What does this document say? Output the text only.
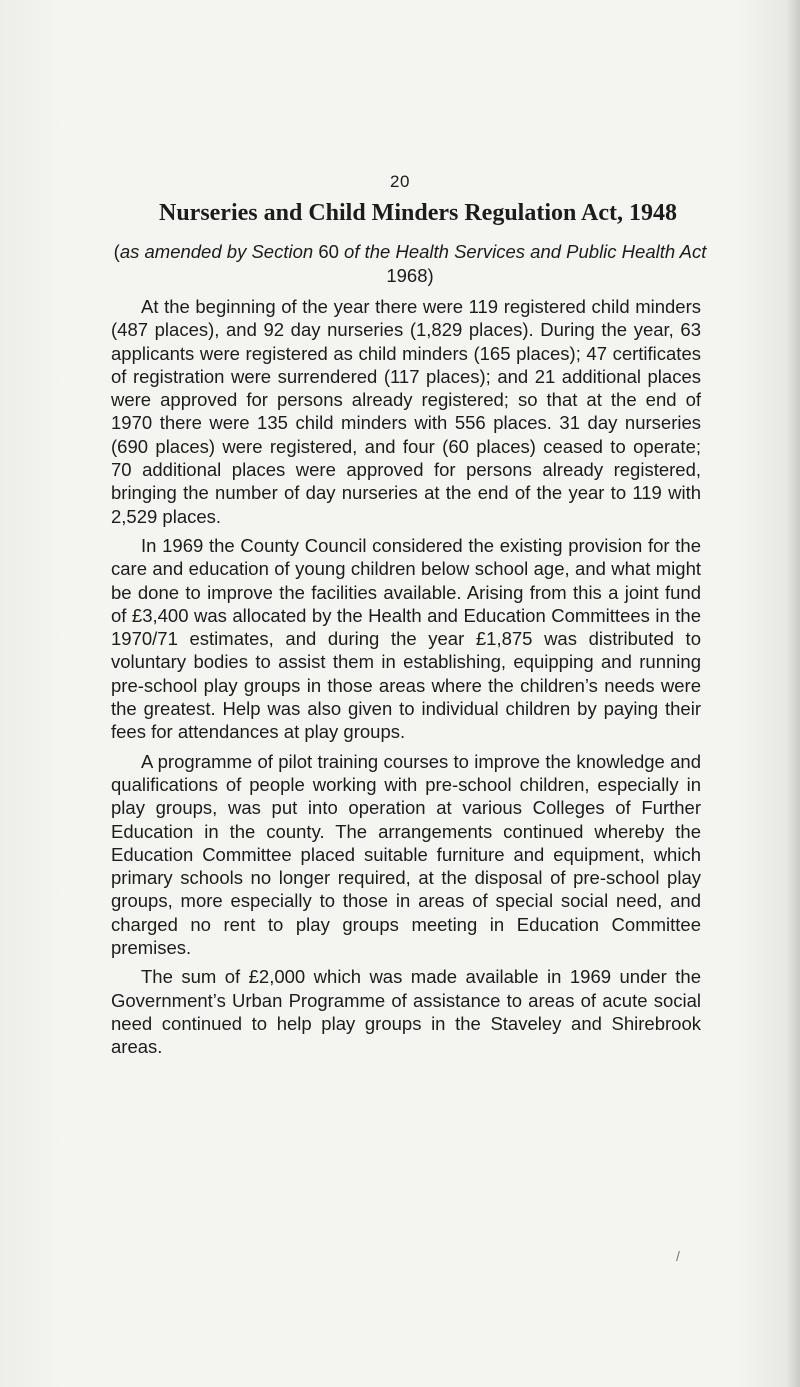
20
Nurseries and Child Minders Regulation Act, 1948
(as amended by Section 60 of the Health Services and Public Health Act 1968)

At the beginning of the year there were 119 registered child minders (487 places), and 92 day nurseries (1,829 places). During the year, 63 applicants were registered as child minders (165 places); 47 certificates of registration were surrendered (117 places); and 21 additional places were approved for persons already registered; so that at the end of 1970 there were 135 child minders with 556 places. 31 day nurseries (690 places) were registered, and four (60 places) ceased to operate; 70 additional places were approved for persons already registered, bringing the number of day nurseries at the end of the year to 119 with 2,529 places.

In 1969 the County Council considered the existing provision for the care and education of young children below school age, and what might be done to improve the facilities available. Arising from this a joint fund of £3,400 was allocated by the Health and Education Committees in the 1970/71 estimates, and during the year £1,875 was distributed to voluntary bodies to assist them in establishing, equipping and running pre-school play groups in those areas where the children’s needs were the greatest. Help was also given to individual children by paying their fees for attendances at play groups.

A programme of pilot training courses to improve the knowledge and qualifications of people working with pre-school children, especially in play groups, was put into operation at various Colleges of Further Education in the county. The arrangements continued whereby the Education Committee placed suitable furniture and equipment, which primary schools no longer required, at the disposal of pre-school play groups, more especially to those in areas of special social need, and charged no rent to play groups meeting in Education Committee premises.

The sum of £2,000 which was made available in 1969 under the Government’s Urban Programme of assistance to areas of acute social need continued to help play groups in the Staveley and Shirebrook areas.

/
